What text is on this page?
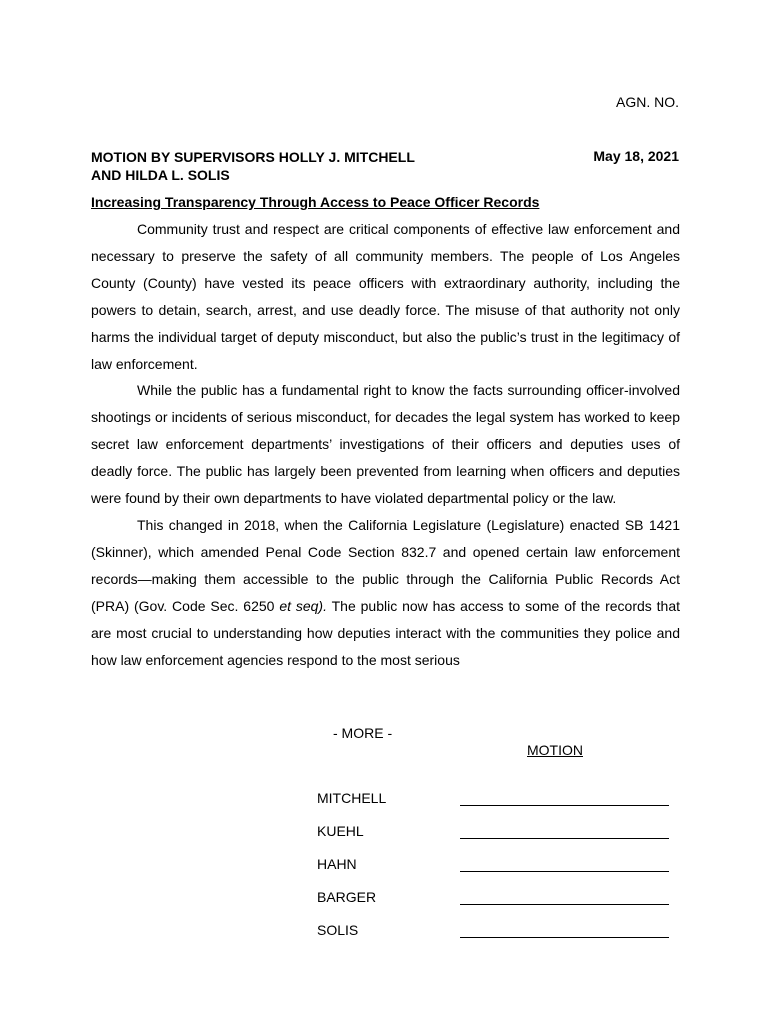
AGN. NO.
MOTION BY SUPERVISORS HOLLY J. MITCHELL
AND HILDA L. SOLIS
May 18, 2021
Increasing Transparency Through Access to Peace Officer Records

Community trust and respect are critical components of effective law enforcement and necessary to preserve the safety of all community members. The people of Los Angeles County (County) have vested its peace officers with extraordinary authority, including the powers to detain, search, arrest, and use deadly force. The misuse of that authority not only harms the individual target of deputy misconduct, but also the public’s trust in the legitimacy of law enforcement.

While the public has a fundamental right to know the facts surrounding officer-involved shootings or incidents of serious misconduct, for decades the legal system has worked to keep secret law enforcement departments’ investigations of their officers and deputies uses of deadly force. The public has largely been prevented from learning when officers and deputies were found by their own departments to have violated departmental policy or the law.

This changed in 2018, when the California Legislature (Legislature) enacted SB 1421 (Skinner), which amended Penal Code Section 832.7 and opened certain law enforcement records—making them accessible to the public through the California Public Records Act (PRA) (Gov. Code Sec. 6250 et seq). The public now has access to some of the records that are most crucial to understanding how deputies interact with the communities they police and how law enforcement agencies respond to the most serious

- MORE -
MOTION
MITCHELL
KUEHL
HAHN
BARGER
SOLIS
